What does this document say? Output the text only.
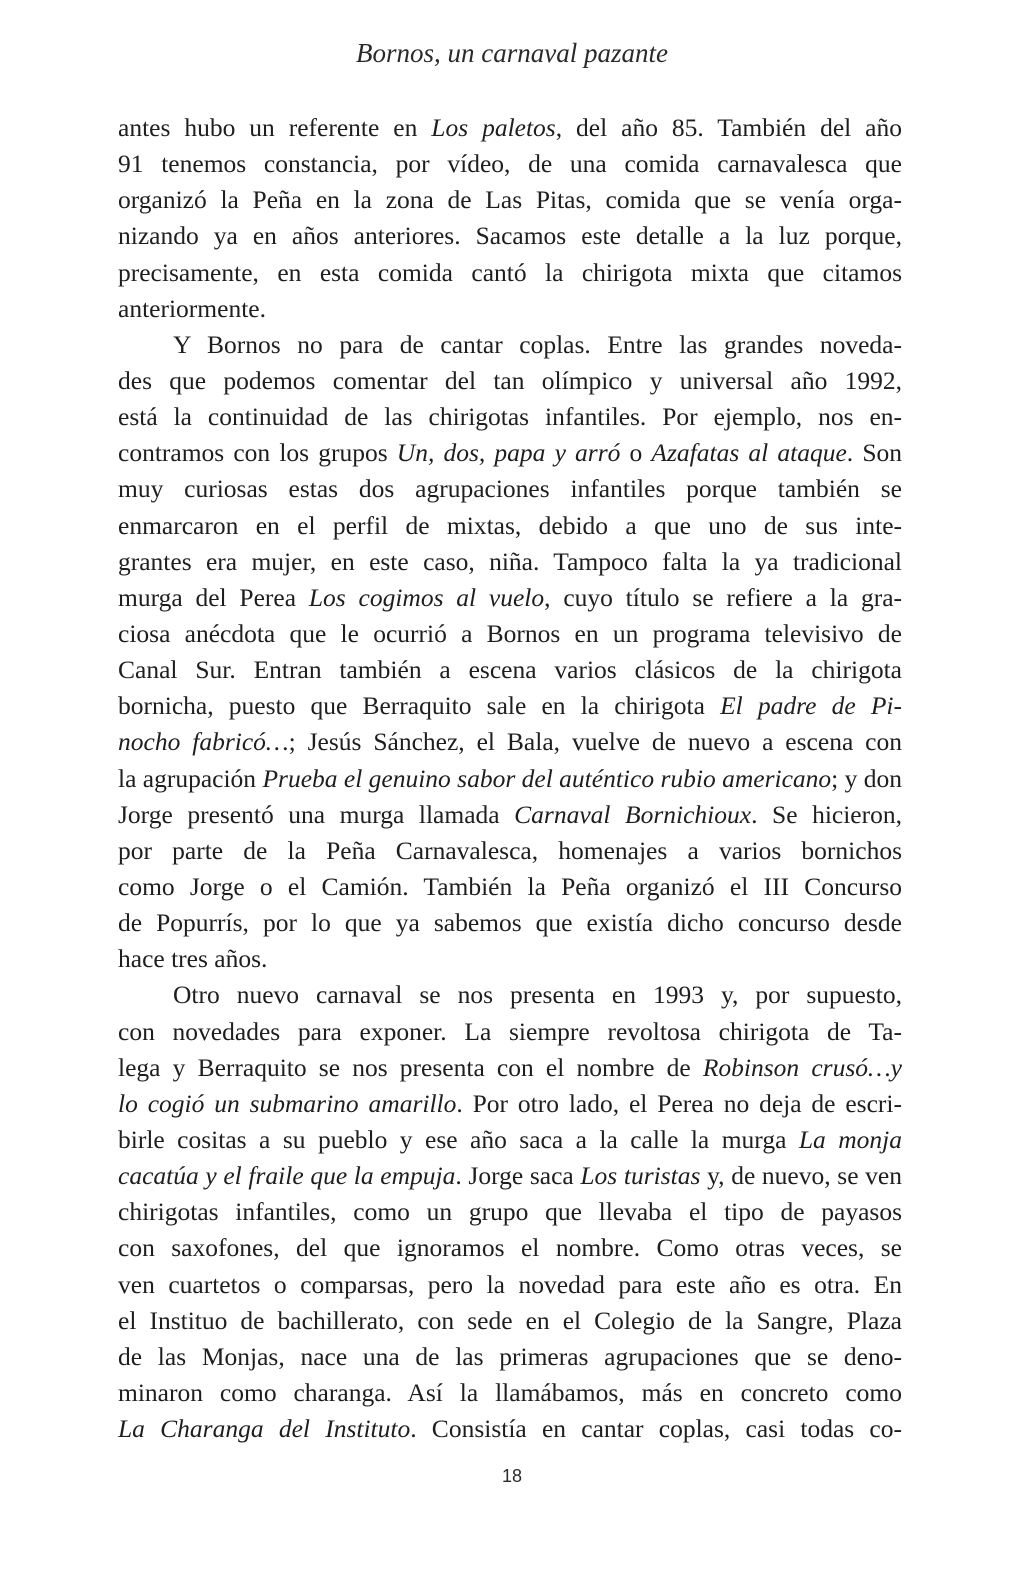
Bornos, un carnaval pazante
antes hubo un referente en Los paletos, del año 85. También del año
91 tenemos constancia, por vídeo, de una comida carnavalesca que
organizó la Peña en la zona de Las Pitas, comida que se venía orga-
nizando ya en años anteriores. Sacamos este detalle a la luz porque,
precisamente, en esta comida cantó la chirigota mixta que citamos
anteriormente.
Y Bornos no para de cantar coplas. Entre las grandes noveda-
des que podemos comentar del tan olímpico y universal año 1992,
está la continuidad de las chirigotas infantiles. Por ejemplo, nos en-
contramos con los grupos Un, dos, papa y arró o Azafatas al ataque. Son
muy curiosas estas dos agrupaciones infantiles porque también se
enmarcaron en el perfil de mixtas, debido a que uno de sus inte-
grantes era mujer, en este caso, niña. Tampoco falta la ya tradicional
murga del Perea Los cogimos al vuelo, cuyo título se refiere a la gra-
ciosa anécdota que le ocurrió a Bornos en un programa televisivo de
Canal Sur. Entran también a escena varios clásicos de la chirigota
bornicha, puesto que Berraquito sale en la chirigota El padre de Pi-
nocho fabricó…; Jesús Sánchez, el Bala, vuelve de nuevo a escena con
la agrupación Prueba el genuino sabor del auténtico rubio americano; y don
Jorge presentó una murga llamada Carnaval Bornichioux. Se hicieron,
por parte de la Peña Carnavalesca, homenajes a varios bornichos
como Jorge o el Camión. También la Peña organizó el III Concurso
de Popurrís, por lo que ya sabemos que existía dicho concurso desde
hace tres años.
Otro nuevo carnaval se nos presenta en 1993 y, por supuesto,
con novedades para exponer. La siempre revoltosa chirigota de Ta-
lega y Berraquito se nos presenta con el nombre de Robinson crusó…y
lo cogió un submarino amarillo. Por otro lado, el Perea no deja de escri-
birle cositas a su pueblo y ese año saca a la calle la murga La monja
cacatúa y el fraile que la empuja. Jorge saca Los turistas y, de nuevo, se ven
chirigotas infantiles, como un grupo que llevaba el tipo de payasos
con saxofones, del que ignoramos el nombre. Como otras veces, se
ven cuartetos o comparsas, pero la novedad para este año es otra. En
el Instituo de bachillerato, con sede en el Colegio de la Sangre, Plaza
de las Monjas, nace una de las primeras agrupaciones que se deno-
minaron como charanga. Así la llamábamos, más en concreto como
La Charanga del Instituto. Consistía en cantar coplas, casi todas co-
18
